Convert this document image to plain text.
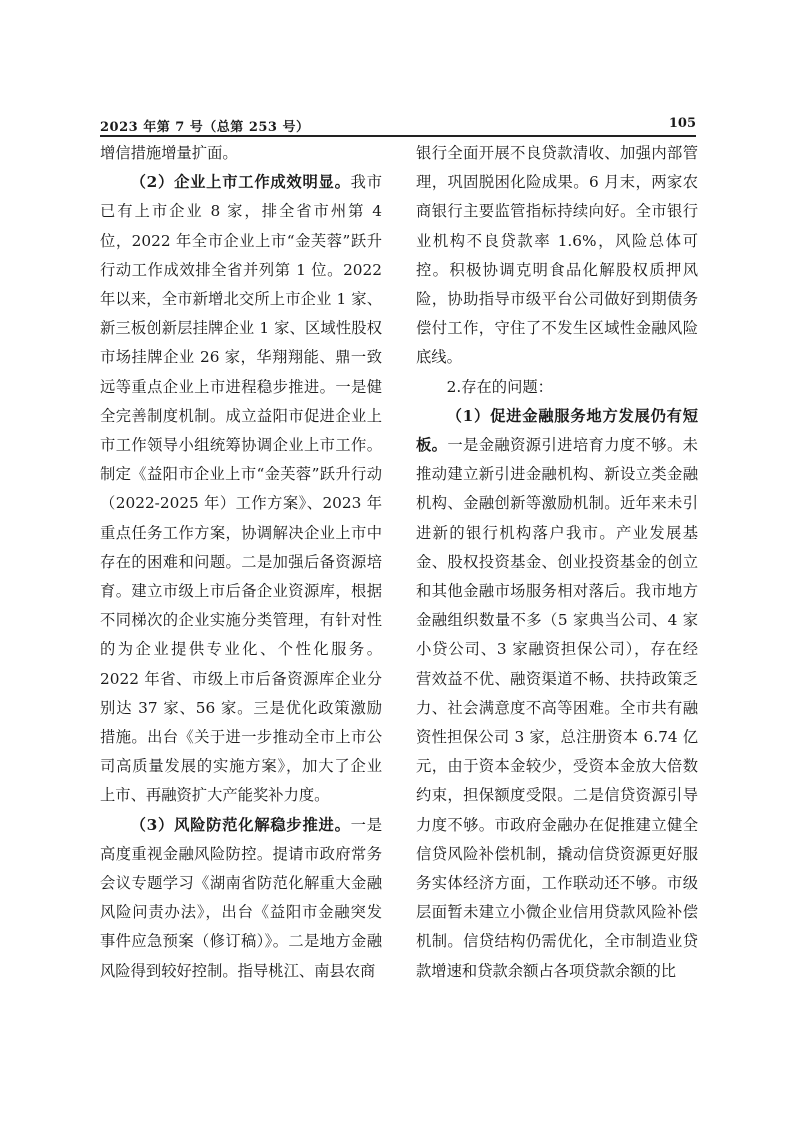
2023 年第 7 号（总第 253 号）	105

增信措施增量扩面。

（2）企业上市工作成效明显。我市已有上市企业 8 家，排全省市州第 4 位，2022 年全市企业上市“金芙蓉”跃升行动工作成效排全省并列第 1 位。2022 年以来，全市新增北交所上市企业 1 家、新三板创新层挂牌企业 1 家、区域性股权市场挂牌企业 26 家，华翔翔能、鼎一致远等重点企业上市进程稳步推进。一是健全完善制度机制。成立益阳市促进企业上市工作领导小组统筹协调企业上市工作。制定《益阳市企业上市“金芙蓉”跃升行动（2022-2025 年）工作方案》、2023 年重点任务工作方案，协调解决企业上市中存在的困难和问题。二是加强后备资源培育。建立市级上市后备企业资源库，根据不同梯次的企业实施分类管理，有针对性的为企业提供专业化、个性化服务。2022 年省、市级上市后备资源库企业分别达 37 家、56 家。三是优化政策激励措施。出台《关于进一步推动全市上市公司高质量发展的实施方案》，加大了企业上市、再融资扩大产能奖补力度。

（3）风险防范化解稳步推进。一是高度重视金融风险防控。提请市政府常务会议专题学习《湖南省防范化解重大金融风险问责办法》，出台《益阳市金融突发事件应急预案（修订稿）》。二是地方金融风险得到较好控制。指导桃江、南县农商

银行全面开展不良贷款清收、加强内部管理，巩固脱困化险成果。6 月末，两家农商银行主要监管指标持续向好。全市银行业机构不良贷款率 1.6%，风险总体可控。积极协调克明食品化解股权质押风险，协助指导市级平台公司做好到期债务偿付工作，守住了不发生区域性金融风险底线。

2.存在的问题：

（1）促进金融服务地方发展仍有短板。一是金融资源引进培育力度不够。未推动建立新引进金融机构、新设立类金融机构、金融创新等激励机制。近年来未引进新的银行机构落户我市。产业发展基金、股权投资基金、创业投资基金的创立和其他金融市场服务相对落后。我市地方金融组织数量不多（5 家典当公司、4 家小贷公司、3 家融资担保公司），存在经营效益不优、融资渠道不畅、扶持政策乏力、社会满意度不高等困难。全市共有融资性担保公司 3 家，总注册资本 6.74 亿元，由于资本金较少，受资本金放大倍数约束，担保额度受限。二是信贷资源引导力度不够。市政府金融办在促推建立健全信贷风险补偿机制，撬动信贷资源更好服务实体经济方面，工作联动还不够。市级层面暂未建立小微企业信用贷款风险补偿机制。信贷结构仍需优化，全市制造业贷款增速和贷款余额占各项贷款余额的比
